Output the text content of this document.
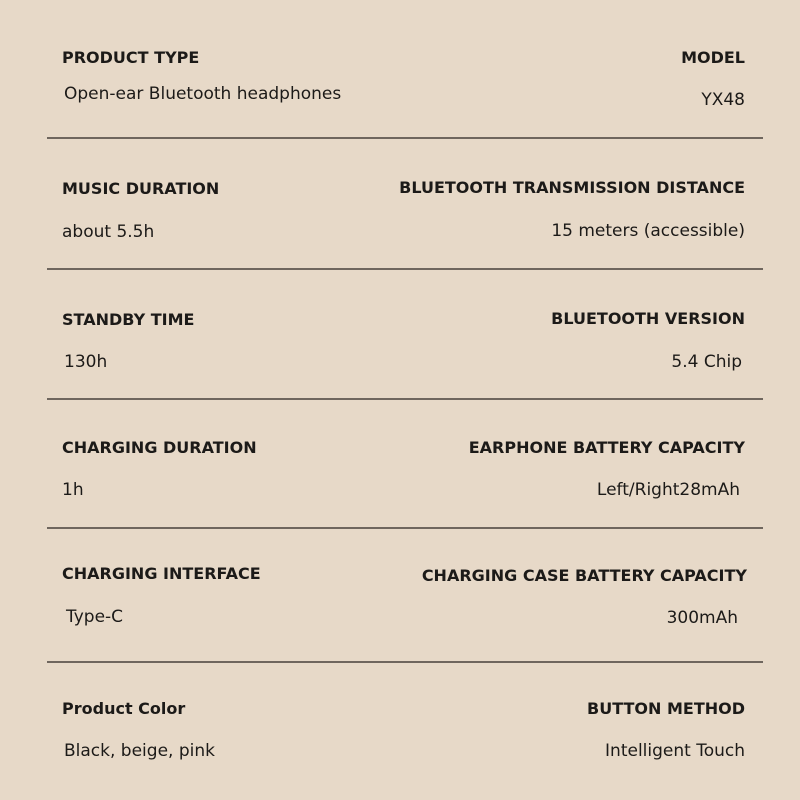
PRODUCT TYPE
Open-ear Bluetooth headphones
MODEL
YX48
MUSIC DURATION
about 5.5h
BLUETOOTH TRANSMISSION DISTANCE
15 meters (accessible)
STANDBY TIME
130h
BLUETOOTH VERSION
5.4 Chip
CHARGING DURATION
1h
EARPHONE BATTERY CAPACITY
Left/Right28mAh
CHARGING INTERFACE
Type-C
CHARGING CASE BATTERY CAPACITY
300mAh
Product Color
Black, beige, pink
BUTTON METHOD
Intelligent Touch
